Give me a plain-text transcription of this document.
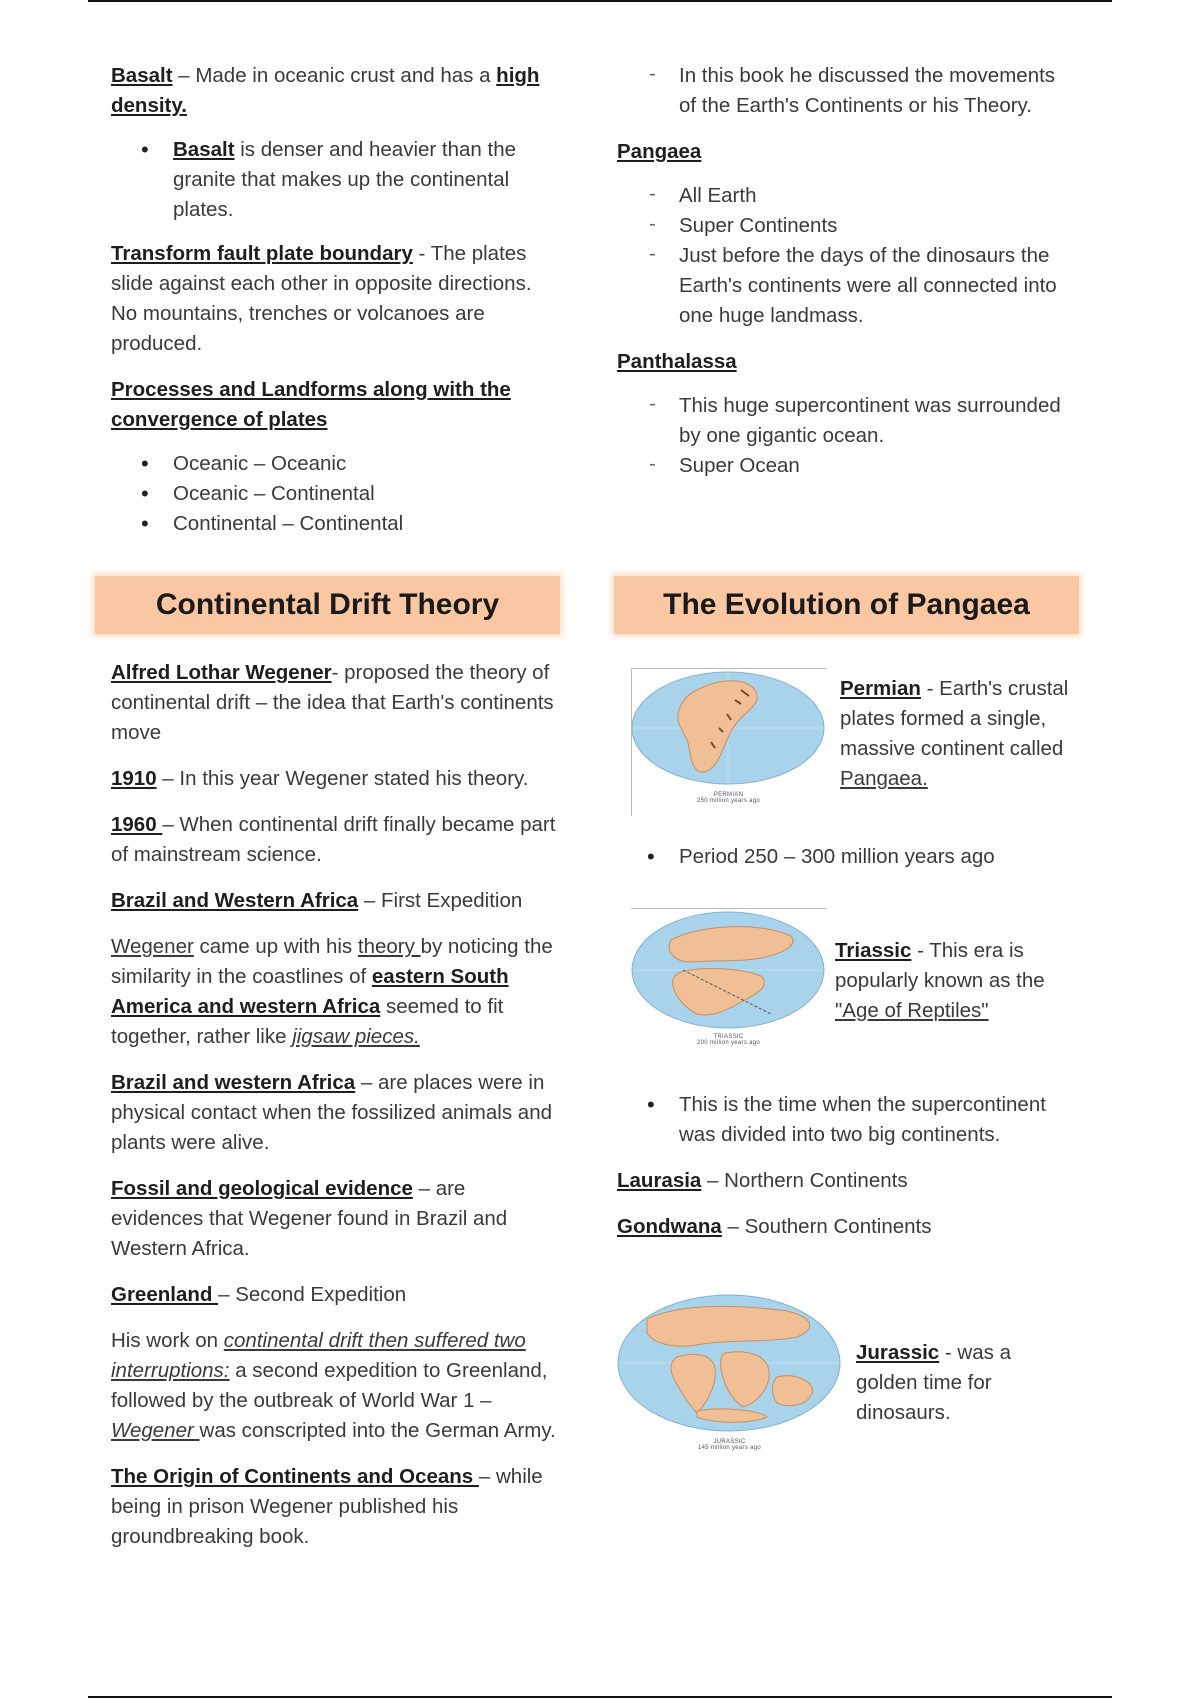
Basalt – Made in oceanic crust and has a high density.

• Basalt is denser and heavier than the granite that makes up the continental plates.

Transform fault plate boundary - The plates slide against each other in opposite directions. No mountains, trenches or volcanoes are produced.

Processes and Landforms along with the convergence of plates

• Oceanic – Oceanic
• Oceanic – Continental
• Continental – Continental
Continental Drift Theory

Alfred Lothar Wegener- proposed the theory of continental drift – the idea that Earth's continents move

1910 – In this year Wegener stated his theory.

1960 – When continental drift finally became part of mainstream science.

Brazil and Western Africa – First Expedition

Wegener came up with his theory by noticing the similarity in the coastlines of eastern South America and western Africa seemed to fit together, rather like jigsaw pieces.

Brazil and western Africa – are places were in physical contact when the fossilized animals and plants were alive.

Fossil and geological evidence – are evidences that Wegener found in Brazil and Western Africa.

Greenland – Second Expedition

His work on continental drift then suffered two interruptions: a second expedition to Greenland, followed by the outbreak of World War 1 – Wegener was conscripted into the German Army.

The Origin of Continents and Oceans – while being in prison Wegener published his groundbreaking book.

- In this book he discussed the movements of the Earth's Continents or his Theory.

Pangaea

- All Earth
- Super Continents
- Just before the days of the dinosaurs the Earth's continents were all connected into one huge landmass.

Panthalassa

- This huge supercontinent was surrounded by one gigantic ocean.
- Super Ocean
The Evolution of Pangaea
PERMIAN
250 million years ago

Permian - Earth's crustal plates formed a single, massive continent called Pangaea.

• Period 250 – 300 million years ago
TRIASSIC
200 million years ago

Triassic - This era is popularly known as the "Age of Reptiles"

• This is the time when the supercontinent was divided into two big continents.

Laurasia – Northern Continents

Gondwana – Southern Continents

JURASSIC
145 million years ago

Jurassic - was a golden time for dinosaurs.
